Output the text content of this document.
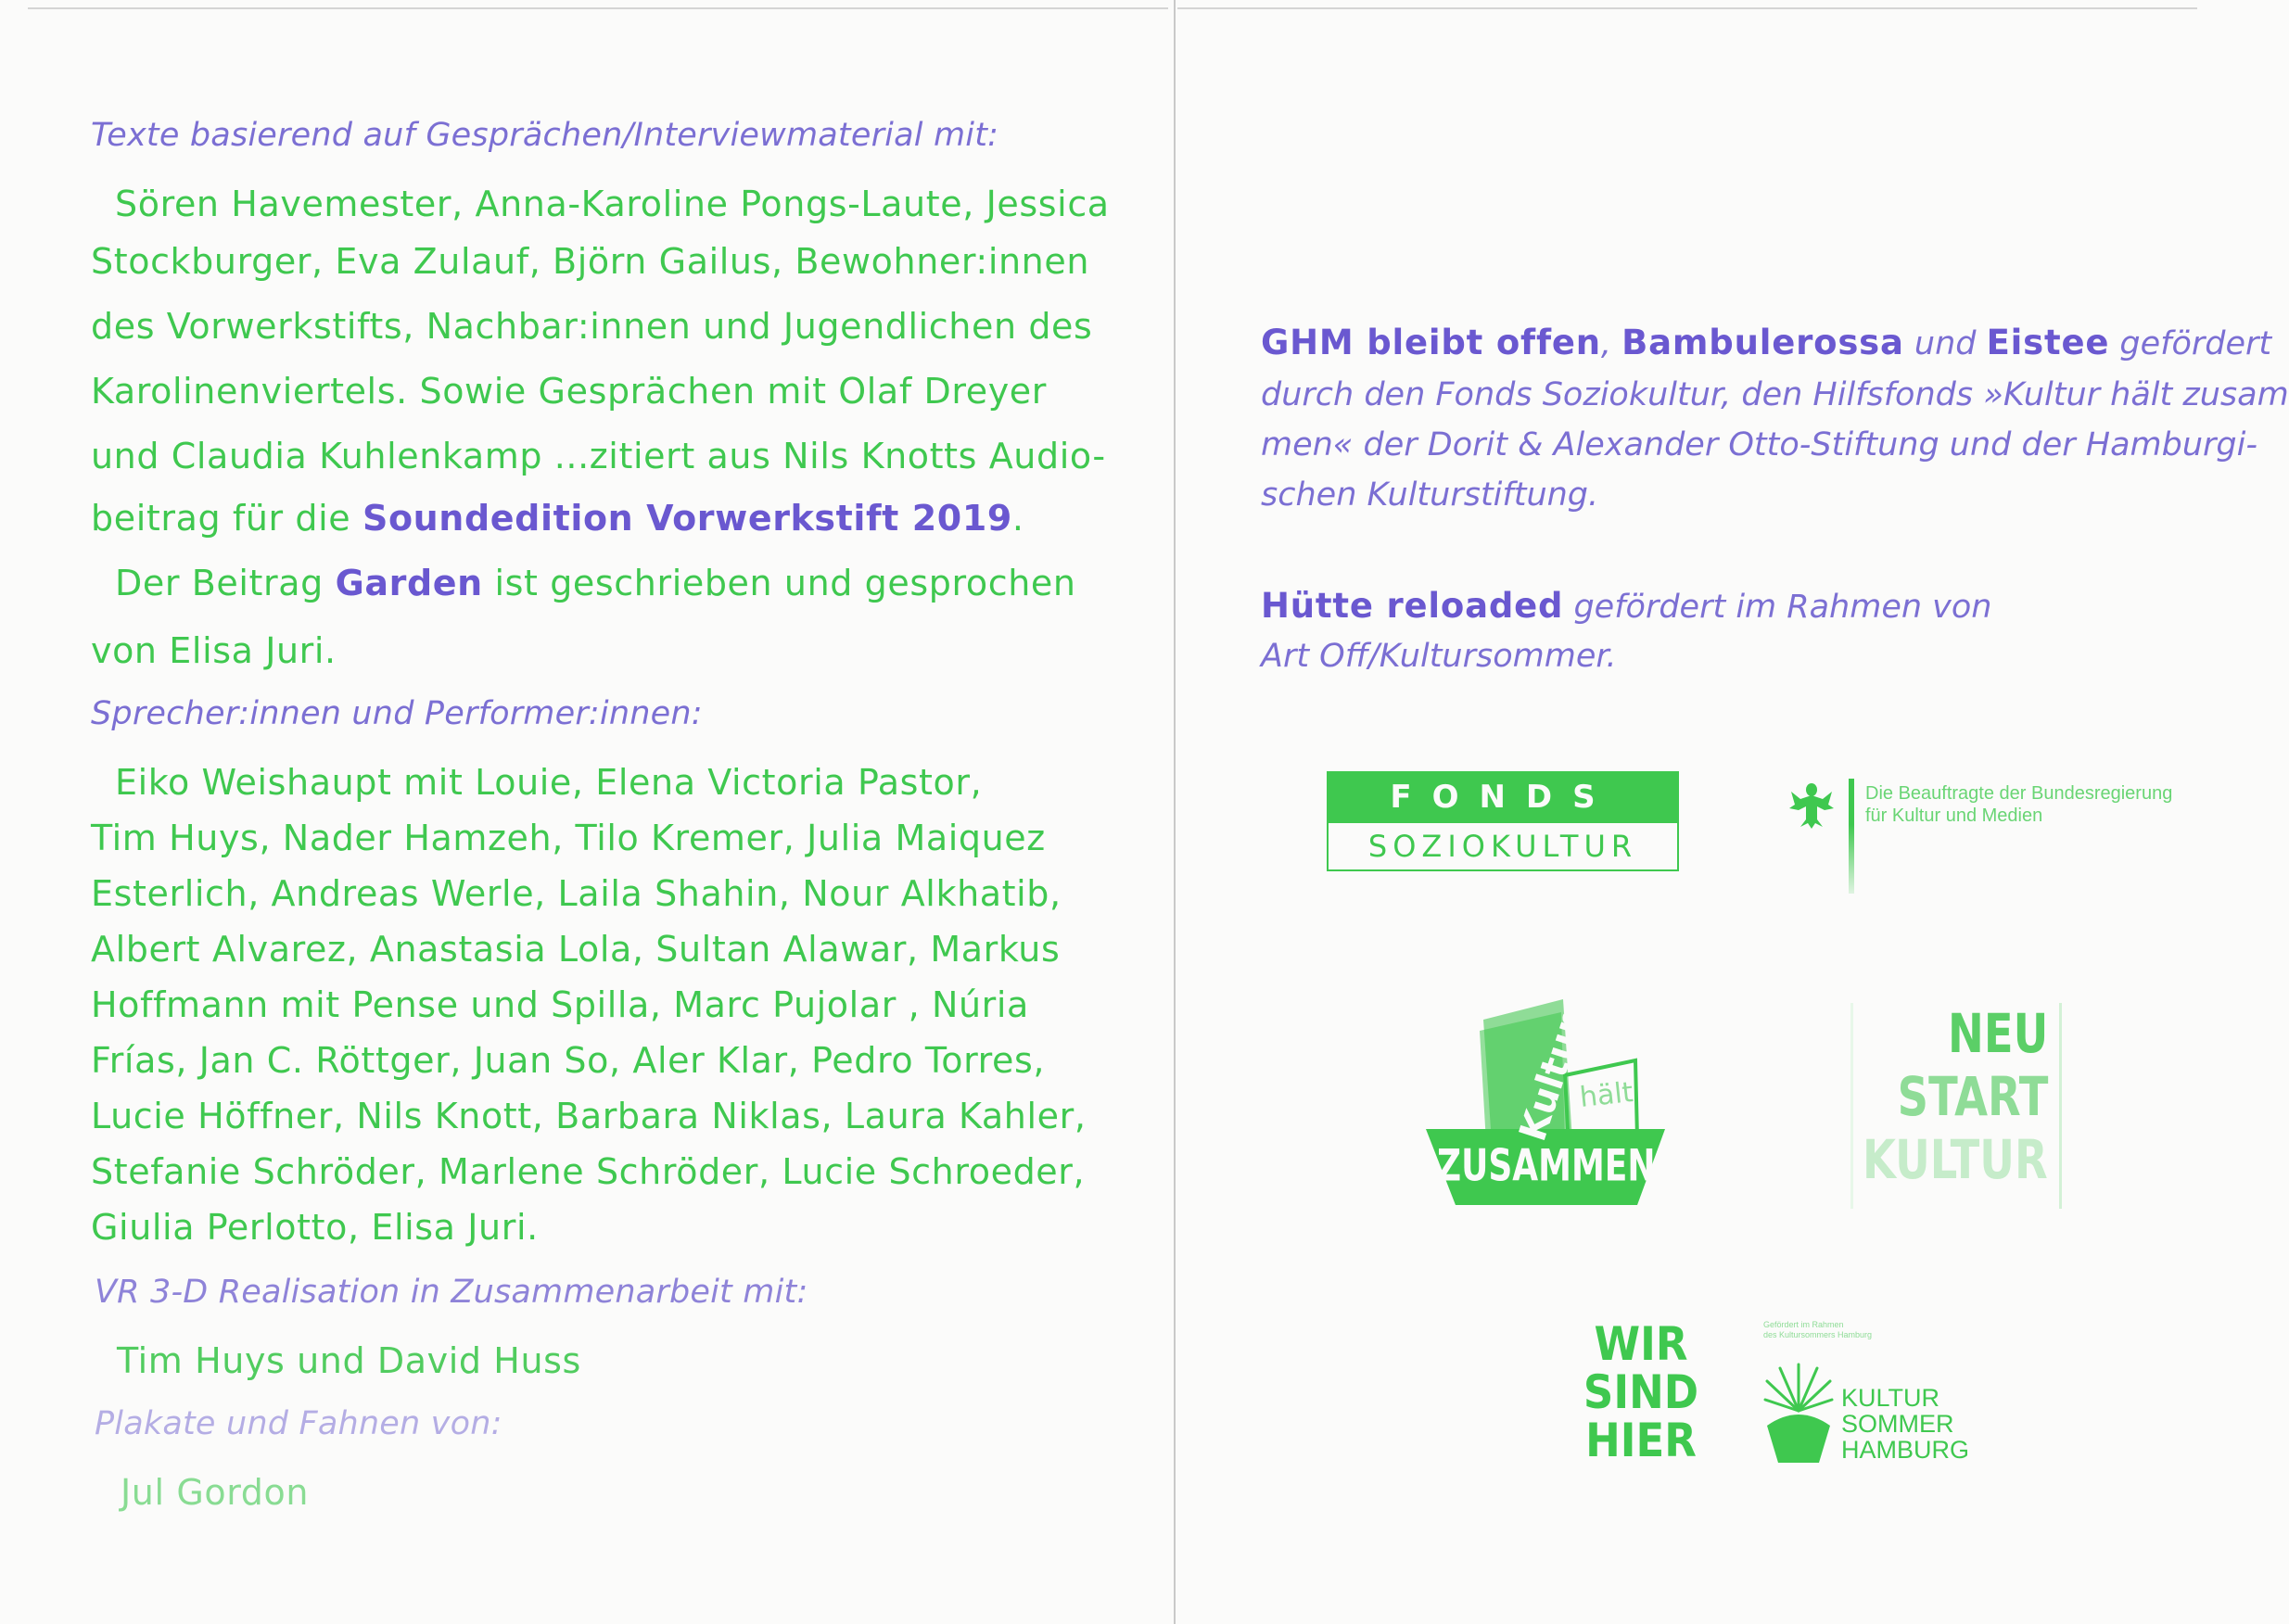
Texte basierend auf Gesprächen/Interviewmaterial mit:
Sören Havemester, Anna-Karoline Pongs-Laute, Jessica
Stockburger, Eva Zulauf, Björn Gailus, Bewohner:innen
des Vorwerkstifts, Nachbar:innen und Jugendlichen des
Karolinenviertels. Sowie Gesprächen mit Olaf Dreyer
und Claudia Kuhlenkamp ...zitiert aus Nils Knotts Audio-
beitrag für die Soundedition Vorwerkstift 2019.
Der Beitrag Garden ist geschrieben und gesprochen
von Elisa Juri.
Sprecher:innen und Performer:innen:
Eiko Weishaupt mit Louie, Elena Victoria Pastor,
Tim Huys, Nader Hamzeh, Tilo Kremer, Julia Maiquez
Esterlich, Andreas Werle, Laila Shahin, Nour Alkhatib,
Albert Alvarez, Anastasia Lola, Sultan Alawar, Markus
Hoffmann mit Pense und Spilla, Marc Pujolar , Núria
Frías, Jan C. Röttger, Juan So, Aler Klar, Pedro Torres,
Lucie Höffner, Nils Knott, Barbara Niklas, Laura Kahler,
Stefanie Schröder, Marlene Schröder, Lucie Schroeder,
Giulia Perlotto, Elisa Juri.
VR 3-D Realisation in Zusammenarbeit mit:
Tim Huys und David Huss
Plakate und Fahnen von:
Jul Gordon
GHM bleibt offen, Bambulerossa und Eistee gefördert
durch den Fonds Soziokultur, den Hilfsfonds »Kultur hält zusam
men« der Dorit & Alexander Otto-Stiftung und der Hamburgi-
schen Kulturstiftung.
Hütte reloaded gefördert im Rahmen von
Art Off/Kultursommer.
FONDS
SOZIOKULTUR
Die Beauftragte der Bundesregierung
für Kultur und Medien
Kultur
hält
ZUSAMMEN
NEU
START
KULTUR
WIR
SIND
HIER
Gefördert im Rahmen
des Kultursommers Hamburg
KULTUR
SOMMER
HAMBURG
